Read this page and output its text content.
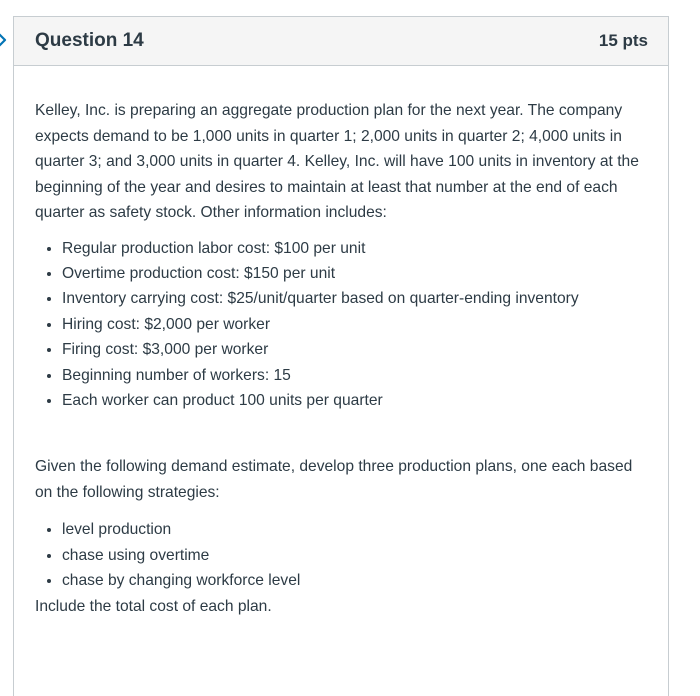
Question 14	15 pts

Kelley, Inc. is preparing an aggregate production plan for the next year. The company expects demand to be 1,000 units in quarter 1; 2,000 units in quarter 2; 4,000 units in quarter 3; and 3,000 units in quarter 4. Kelley, Inc. will have 100 units in inventory at the beginning of the year and desires to maintain at least that number at the end of each quarter as safety stock. Other information includes:

• Regular production labor cost: $100 per unit
• Overtime production cost: $150 per unit
• Inventory carrying cost: $25/unit/quarter based on quarter-ending inventory
• Hiring cost: $2,000 per worker
• Firing cost: $3,000 per worker
• Beginning number of workers: 15
• Each worker can product 100 units per quarter

Given the following demand estimate, develop three production plans, one each based on the following strategies:

• level production
• chase using overtime
• chase by changing workforce level

Include the total cost of each plan.
